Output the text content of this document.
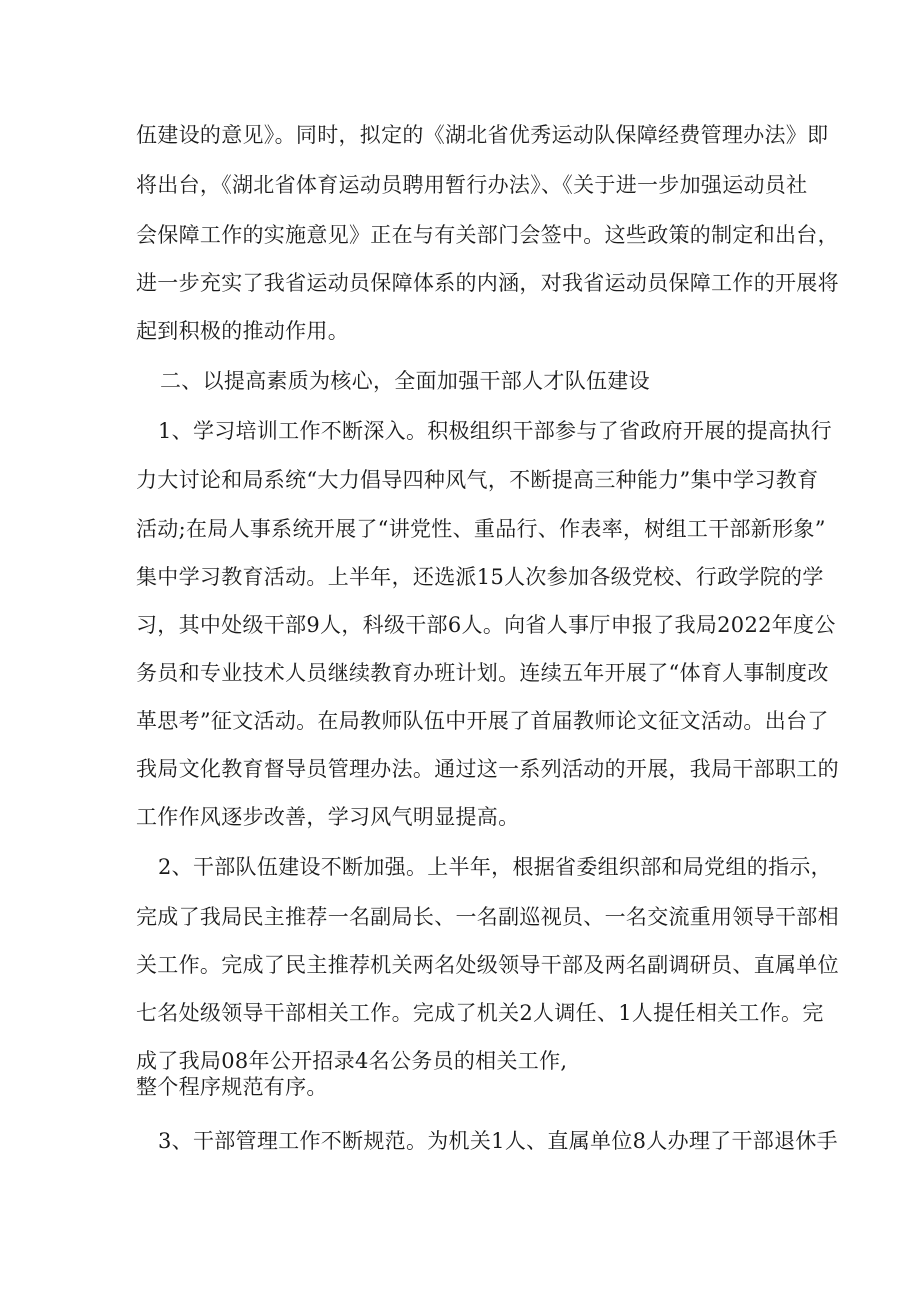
伍建设的意见》。同时，拟定的《湖北省优秀运动队保障经费管理办法》即
将出台，《湖北省体育运动员聘用暂行办法》、《关于进一步加强运动员社
会保障工作的实施意见》正在与有关部门会签中。这些政策的制定和出台，
进一步充实了我省运动员保障体系的内涵，对我省运动员保障工作的开展将
起到积极的推动作用。
二、以提高素质为核心，全面加强干部人才队伍建设
1、学习培训工作不断深入。积极组织干部参与了省政府开展的提高执行
力大讨论和局系统“大力倡导四种风气，不断提高三种能力”集中学习教育
活动;在局人事系统开展了“讲党性、重品行、作表率，树组工干部新形象”
集中学习教育活动。上半年，还选派15人次参加各级党校、行政学院的学
习，其中处级干部9人，科级干部6人。向省人事厅申报了我局2022年度公
务员和专业技术人员继续教育办班计划。连续五年开展了“体育人事制度改
革思考”征文活动。在局教师队伍中开展了首届教师论文征文活动。出台了
我局文化教育督导员管理办法。通过这一系列活动的开展，我局干部职工的
工作作风逐步改善，学习风气明显提高。
2、干部队伍建设不断加强。上半年，根据省委组织部和局党组的指示，
完成了我局民主推荐一名副局长、一名副巡视员、一名交流重用领导干部相
关工作。完成了民主推荐机关两名处级领导干部及两名副调研员、直属单位
七名处级领导干部相关工作。完成了机关2人调任、1人提任相关工作。完
成了我局08年公开招录4名公务员的相关工作,
整个程序规范有序。
3、干部管理工作不断规范。为机关1人、直属单位8人办理了干部退休手
